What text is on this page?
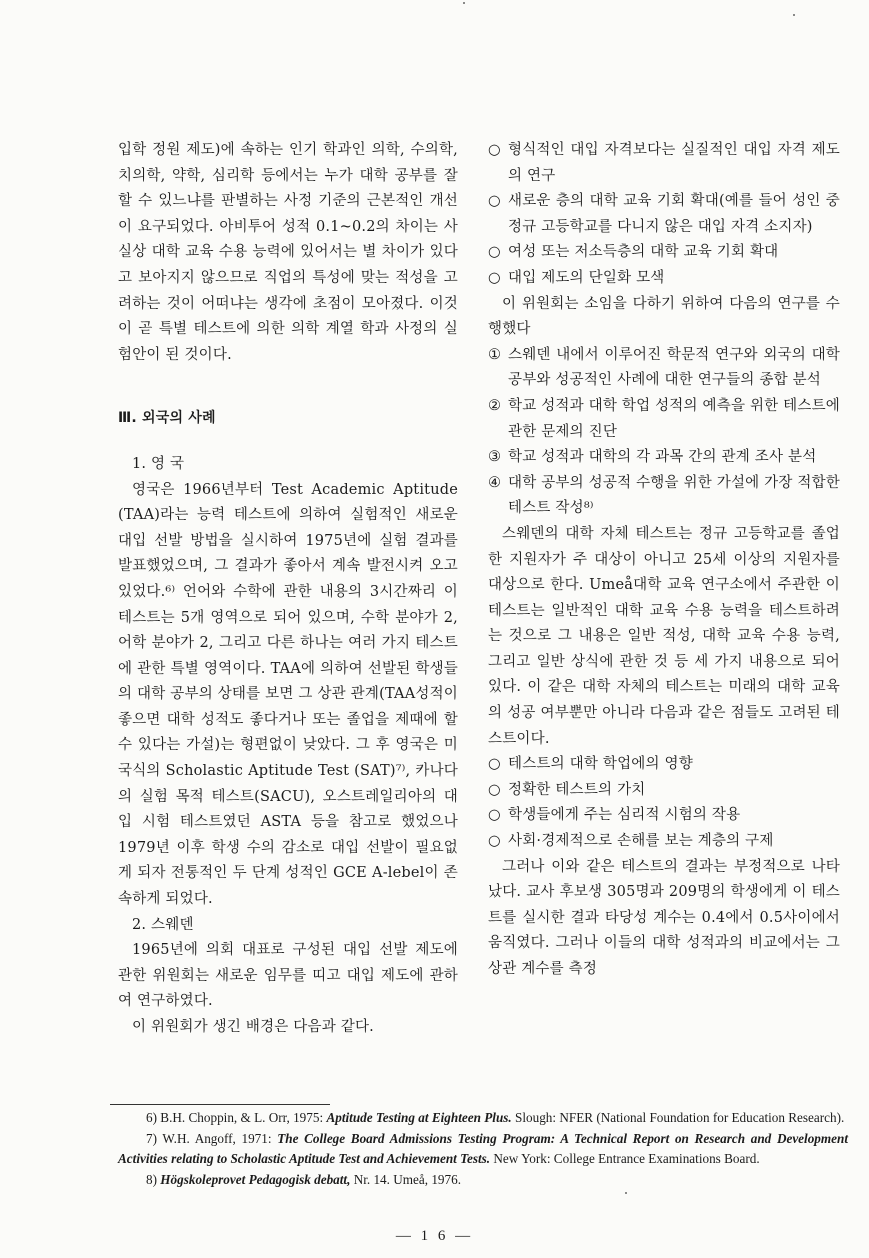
입학 정원 제도)에 속하는 인기 학과인 의학, 수의학, 치의학, 약학, 심리학 등에서는 누가 대학 공부를 잘 할 수 있느냐를 판별하는 사정 기준의 근본적인 개선이 요구되었다. 아비투어 성적 0.1~0.2의 차이는 사실상 대학 교육 수용 능력에 있어서는 별 차이가 있다고 보아지지 않으므로 직업의 특성에 맞는 적성을 고려하는 것이 어떠냐는 생각에 초점이 모아졌다. 이것이 곧 특별 테스트에 의한 의학 계열 학과 사정의 실험안이 된 것이다.

Ⅲ. 외국의 사례

1. 영 국

영국은 1966년부터 Test Academic Aptitude (TAA)라는 능력 테스트에 의하여 실험적인 새로운 대입 선발 방법을 실시하여 1975년에 실험 결과를 발표했었으며, 그 결과가 좋아서 계속 발전시켜 오고 있었다.⁶⁾ 언어와 수학에 관한 내용의 3시간짜리 이 테스트는 5개 영역으로 되어 있으며, 수학 분야가 2, 어학 분야가 2, 그리고 다른 하나는 여러 가지 테스트에 관한 특별 영역이다. TAA에 의하여 선발된 학생들의 대학 공부의 상태를 보면 그 상관 관계(TAA성적이 좋으면 대학 성적도 좋다거나 또는 졸업을 제때에 할 수 있다는 가설)는 형편없이 낮았다. 그 후 영국은 미국식의 Scholastic Aptitude Test (SAT)⁷⁾, 카나다의 실험 목적 테스트(SACU), 오스트레일리아의 대입 시험 테스트였던 ASTA 등을 참고로 했었으나 1979년 이후 학생 수의 감소로 대입 선발이 필요없게 되자 전통적인 두 단계 성적인 GCE A-lebel이 존속하게 되었다.

2. 스웨덴

1965년에 의회 대표로 구성된 대입 선발 제도에 관한 위원회는 새로운 임무를 띠고 대입 제도에 관하여 연구하였다.

이 위원회가 생긴 배경은 다음과 같다.

○ 형식적인 대입 자격보다는 실질적인 대입 자격 제도의 연구
○ 새로운 층의 대학 교육 기회 확대(예를 들어 성인 중 정규 고등학교를 다니지 않은 대입 자격 소지자)
○ 여성 또는 저소득층의 대학 교육 기회 확대
○ 대입 제도의 단일화 모색

이 위원회는 소임을 다하기 위하여 다음의 연구를 수행했다

① 스웨덴 내에서 이루어진 학문적 연구와 외국의 대학 공부와 성공적인 사례에 대한 연구들의 종합 분석
② 학교 성적과 대학 학업 성적의 예측을 위한 테스트에 관한 문제의 진단
③ 학교 성적과 대학의 각 과목 간의 관계 조사 분석
④ 대학 공부의 성공적 수행을 위한 가설에 가장 적합한 테스트 작성⁸⁾

스웨덴의 대학 자체 테스트는 정규 고등학교를 졸업한 지원자가 주 대상이 아니고 25세 이상의 지원자를 대상으로 한다. Umeå대학 교육 연구소에서 주관한 이 테스트는 일반적인 대학 교육 수용 능력을 테스트하려는 것으로 그 내용은 일반 적성, 대학 교육 수용 능력, 그리고 일반 상식에 관한 것 등 세 가지 내용으로 되어 있다. 이 같은 대학 자체의 테스트는 미래의 대학 교육의 성공 여부뿐만 아니라 다음과 같은 점들도 고려된 테스트이다.

○ 테스트의 대학 학업에의 영향
○ 정확한 테스트의 가치
○ 학생들에게 주는 심리적 시험의 작용
○ 사회·경제적으로 손해를 보는 계층의 구제

그러나 이와 같은 테스트의 결과는 부정적으로 나타났다. 교사 후보생 305명과 209명의 학생에게 이 테스트를 실시한 결과 타당성 계수는 0.4에서 0.5사이에서 움직였다. 그러나 이들의 대학 성적과의 비교에서는 그 상관 계수를 측정

6) B.H. Choppin, & L. Orr, 1975: Aptitude Testing at Eighteen Plus. Slough: NFER (National Foundation for Education Research).

7) W.H. Angoff, 1971: The College Board Admissions Testing Program: A Technical Report on Research and Development Activities relating to Scholastic Aptitude Test and Achievement Tests. New York: College Entrance Examinations Board.

8) Högskoleprovet Pedagogisk debatt, Nr. 14. Umeå, 1976.

— 1 6 —
